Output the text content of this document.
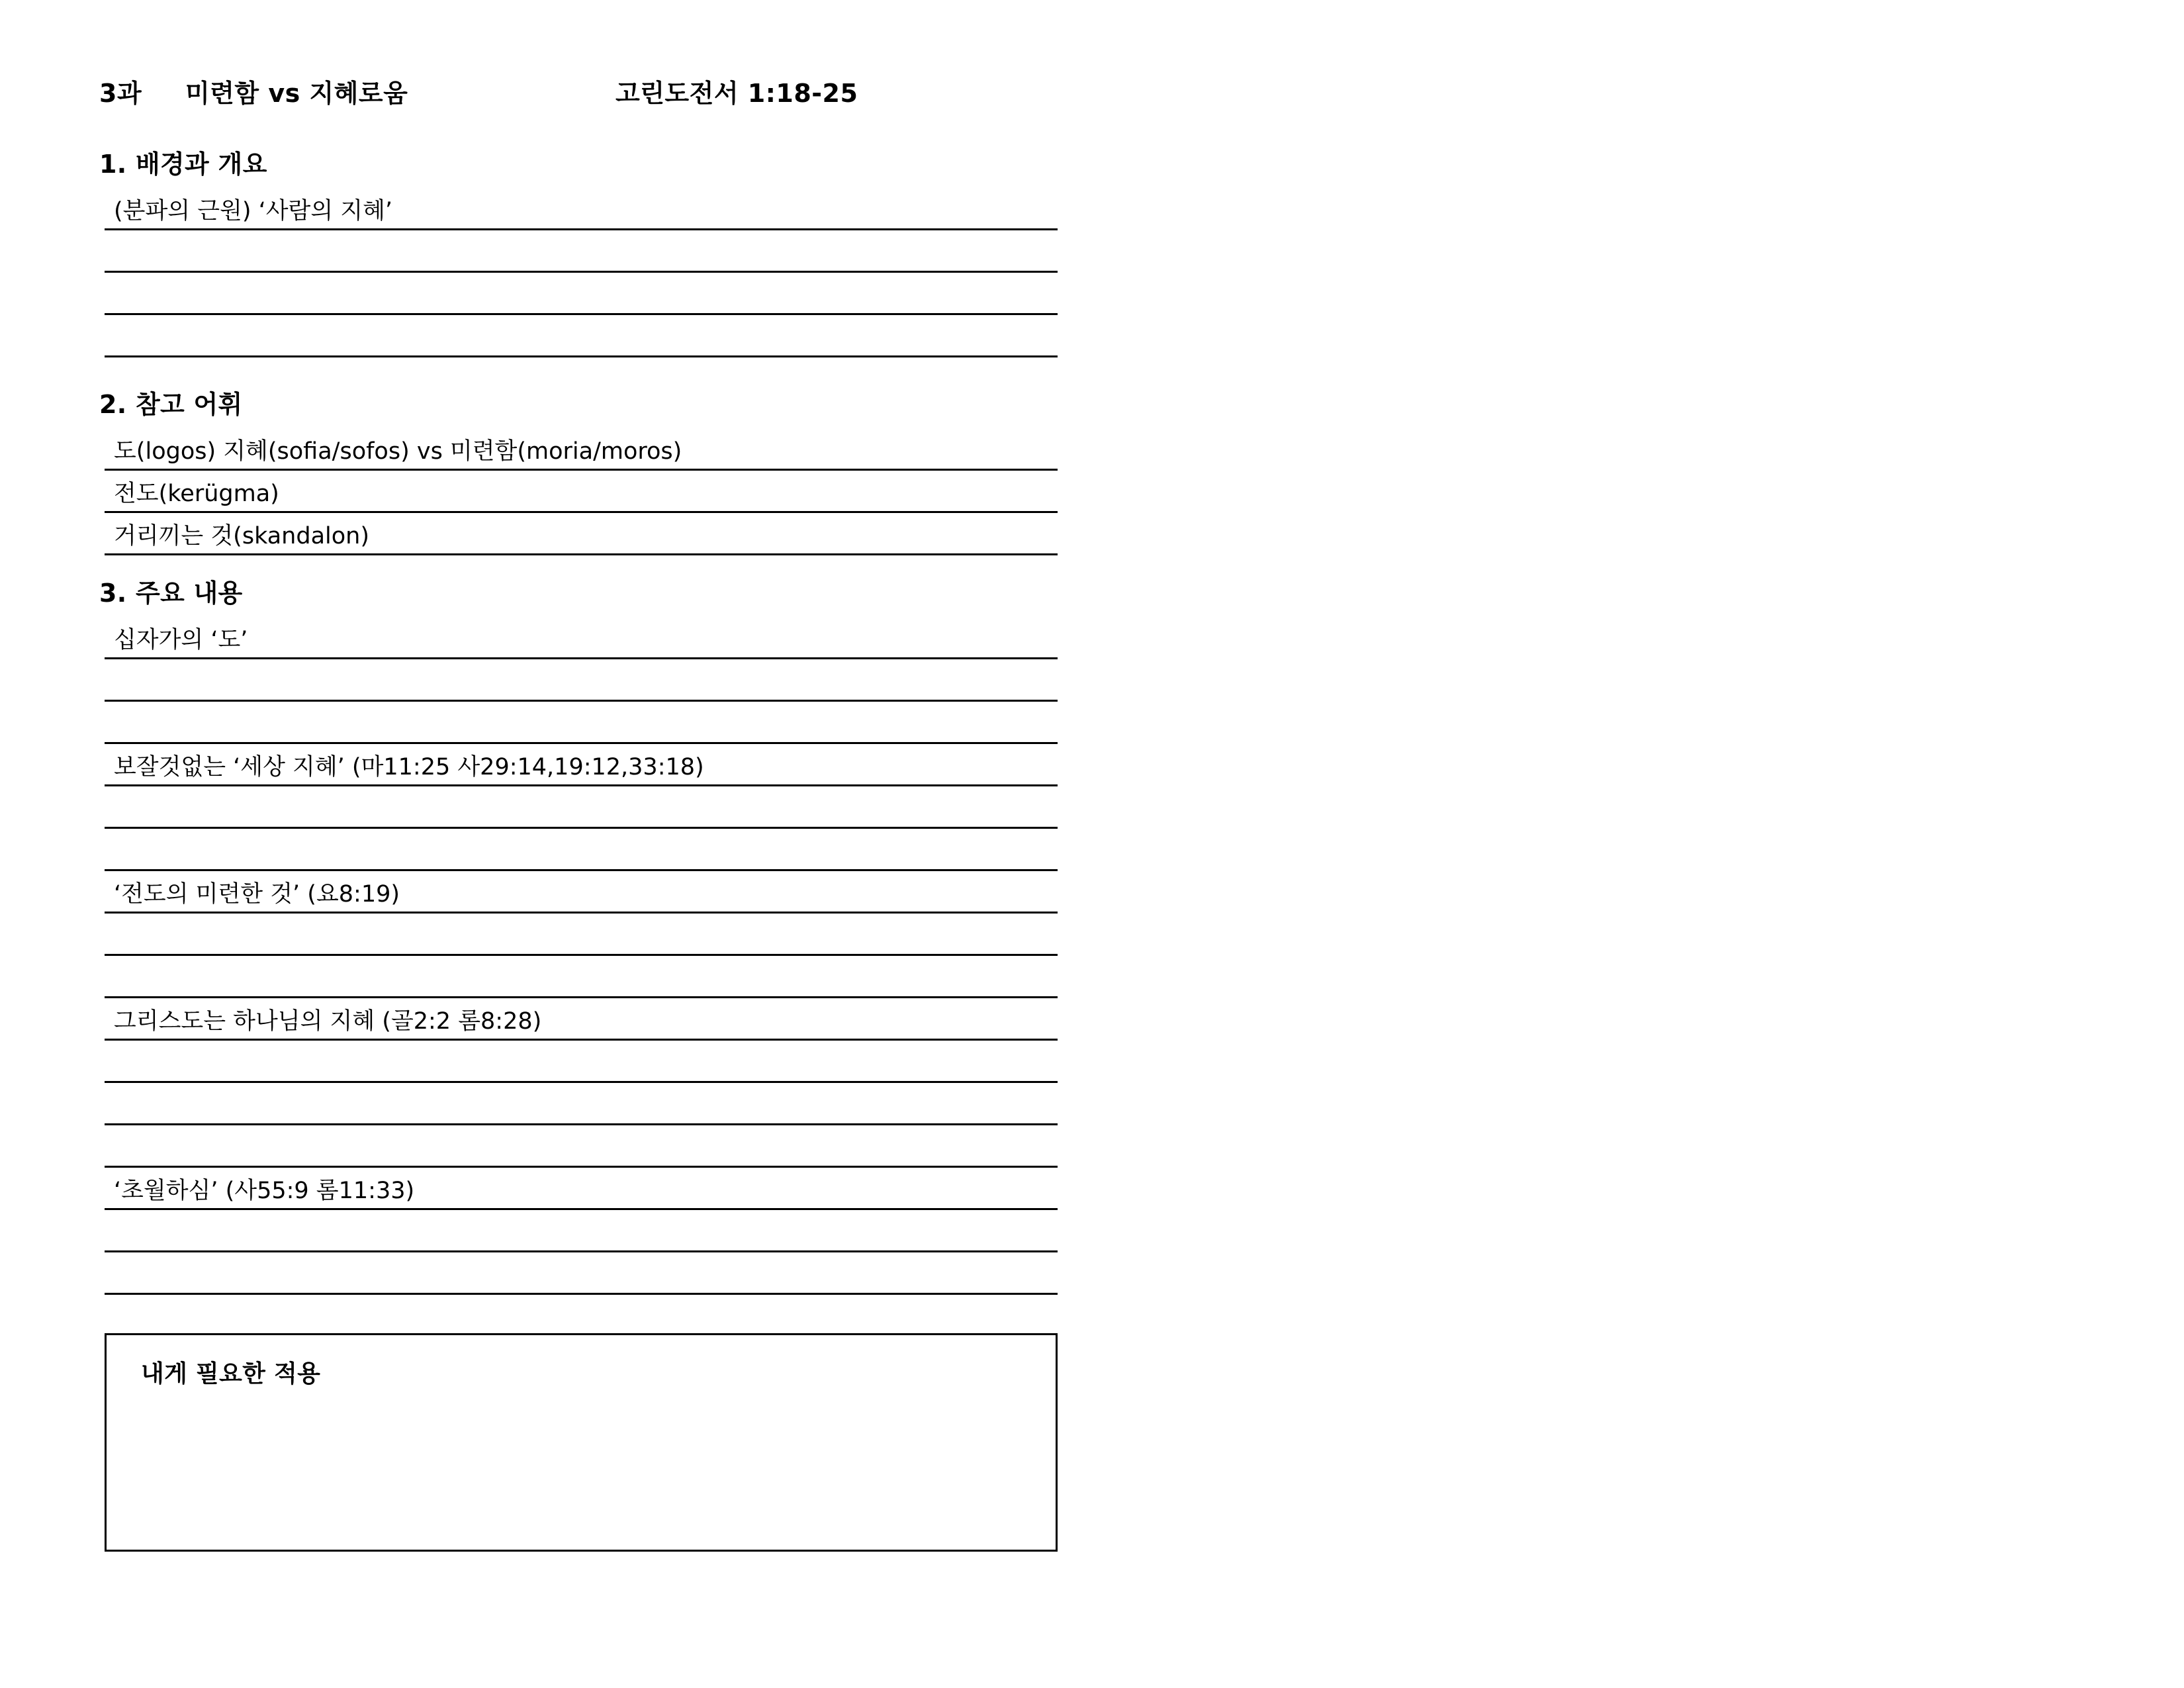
3과	미련함 vs 지혜로움	고린도전서 1:18-25
1. 배경과 개요
(분파의 근원) ‘사람의 지혜’
2. 참고 어휘
도(logos) 지혜(sofia/sofos) vs 미련함(moria/moros)
전도(kerügma)
거리끼는 것(skandalon)
3. 주요 내용
십자가의 ‘도’
보잘것없는 ‘세상 지혜’ (마11:25 사29:14,19:12,33:18)
‘전도의 미련한 것’ (요8:19)
그리스도는 하나님의 지혜 (골2:2 롬8:28)
‘초월하심’ (사55:9 롬11:33)
내게 필요한 적용
